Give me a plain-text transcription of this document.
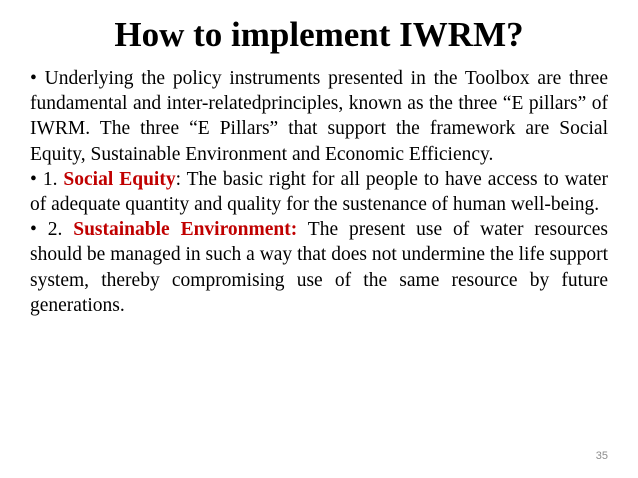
How to implement IWRM?

• Underlying the policy instruments presented in the Toolbox are three fundamental and inter-relatedprinciples, known as the three “E pillars” of IWRM. The three “E Pillars” that support the framework are Social Equity, Sustainable Environment and Economic Efficiency.

• 1. Social Equity: The basic right for all people to have access to water of adequate quantity and quality for the sustenance of human well-being.

• 2. Sustainable Environment: The present use of water resources should be managed in such a way that does not undermine the life support system, thereby compromising use of the same resource by future generations.

35
